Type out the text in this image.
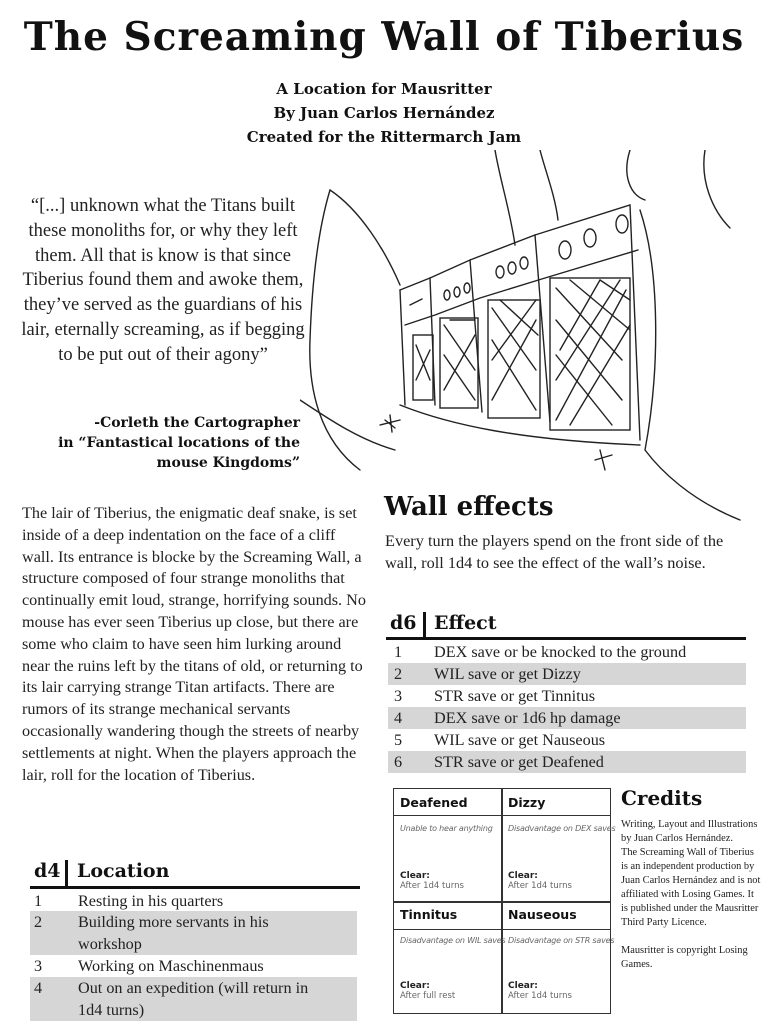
The Screaming Wall of Tiberius
A Location for Mausritter
By Juan Carlos Hernández
Created for the Rittermarch Jam
“[...] unknown what the Titans built these monoliths for, or why they left them. All that is know is that since Tiberius found them and awoke them, they’ve served as the guardians of his lair, eternally screaming, as if begging to be put out of their agony”
-Corleth the Cartographer
in “Fantastical locations of the
mouse Kingdoms”
The lair of Tiberius, the enigmatic deaf snake, is set inside of a deep indentation on the face of a cliff wall. Its entrance is blocke by the Screaming Wall, a structure composed of four strange monoliths that continually emit loud, strange, horrifying sounds. No mouse has ever seen Tiberius up close, but there are some who claim to have seen him lurking around near the ruins left by the titans of old, or returning to its lair carrying strange Titan artifacts. There are rumors of its strange mechanical servants occasionally wandering though the streets of nearby settlements at night. When the players approach the lair, roll for the location of Tiberius.
d4 Location
1 Resting in his quarters
2 Building more servants in his
workshop
3 Working on Maschinenmaus
4 Out on an expedition (will return in
1d4 turns)
Wall effects
Every turn the players spend on the front side of the wall, roll 1d4 to see the effect of the wall’s noise.
d6 Effect
1 DEX save or be knocked to the ground
2 WIL save or get Dizzy
3 STR save or get Tinnitus
4 DEX save or 1d6 hp damage
5 WIL save or get Nauseous
6 STR save or get Deafened
Deafened
Unable to hear anything
Clear:
After 1d4 turns
Dizzy
Disadvantage on DEX saves
Clear:
After 1d4 turns
Tinnitus
Disadvantage on WIL saves
Clear:
After full rest
Nauseous
Disadvantage on STR saves
Clear:
After 1d4 turns
Credits
Writing, Layout and Illustrations by Juan Carlos Hernández.
The Screaming Wall of Tiberius is an independent production by Juan Carlos Hernández and is not affiliated with Losing Games. It is published under the Mausritter Third Party Licence.
Mausritter is copyright Losing Games.
